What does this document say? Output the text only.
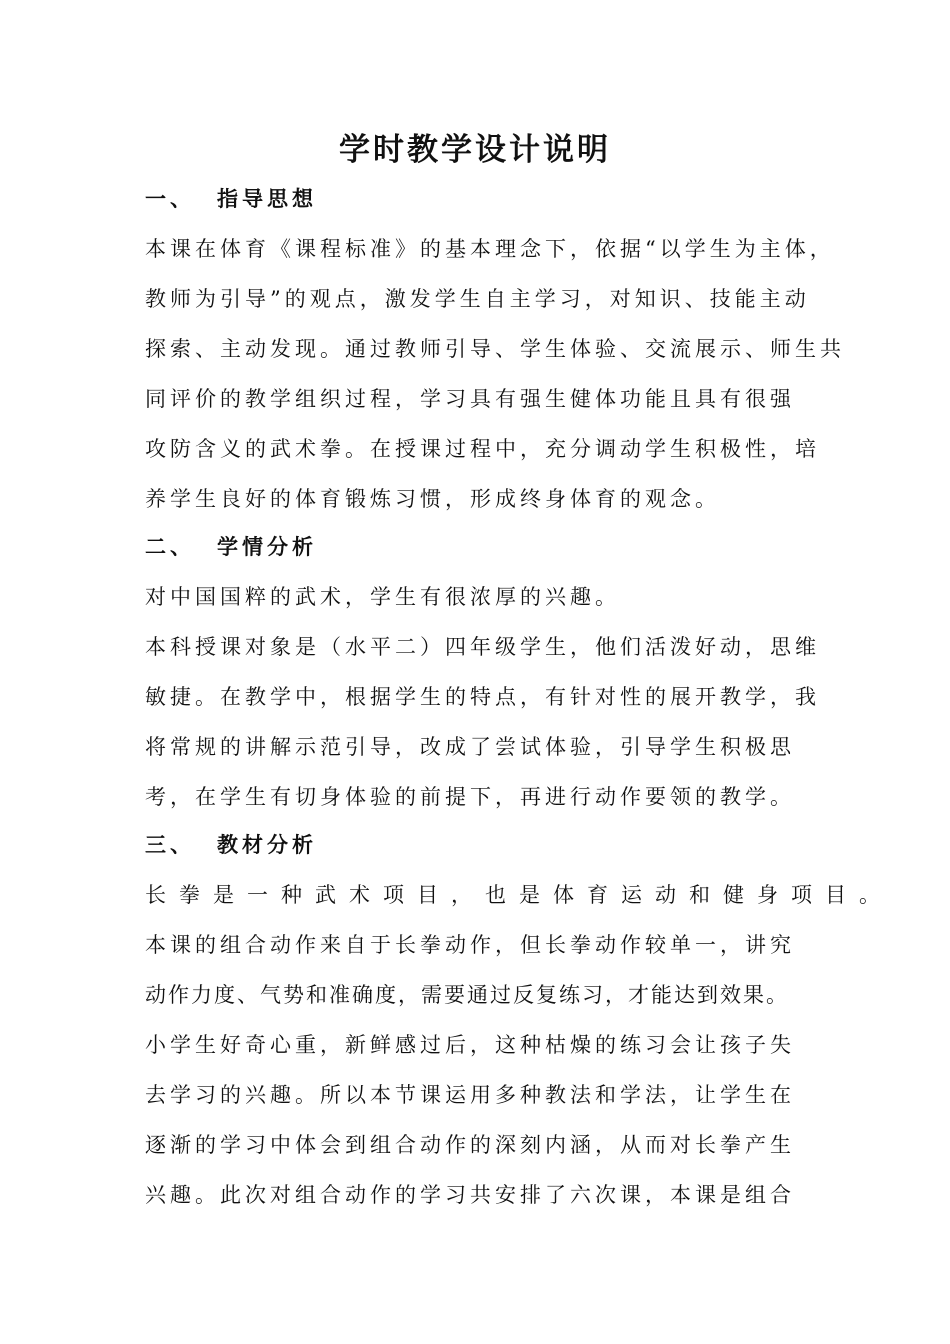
学时教学设计说明
一、 指导思想
本课在体育《课程标准》的基本理念下，依据“以学生为主体，
教师为引导”的观点，激发学生自主学习，对知识、技能主动
探索、主动发现。通过教师引导、学生体验、交流展示、师生共
同评价的教学组织过程，学习具有强生健体功能且具有很强
攻防含义的武术拳。在授课过程中，充分调动学生积极性，培
养学生良好的体育锻炼习惯，形成终身体育的观念。
二、 学情分析
对中国国粹的武术，学生有很浓厚的兴趣。
本科授课对象是（水平二）四年级学生，他们活泼好动，思维
敏捷。在教学中，根据学生的特点，有针对性的展开教学，我
将常规的讲解示范引导，改成了尝试体验，引导学生积极思
考，在学生有切身体验的前提下，再进行动作要领的教学。
三、 教材分析
长拳是一种武术项目，也是体育运动和健身项目。
本课的组合动作来自于长拳动作，但长拳动作较单一，讲究
动作力度、气势和准确度，需要通过反复练习，才能达到效果。
小学生好奇心重，新鲜感过后，这种枯燥的练习会让孩子失
去学习的兴趣。所以本节课运用多种教法和学法，让学生在
逐渐的学习中体会到组合动作的深刻内涵，从而对长拳产生
兴趣。此次对组合动作的学习共安排了六次课，本课是组合
